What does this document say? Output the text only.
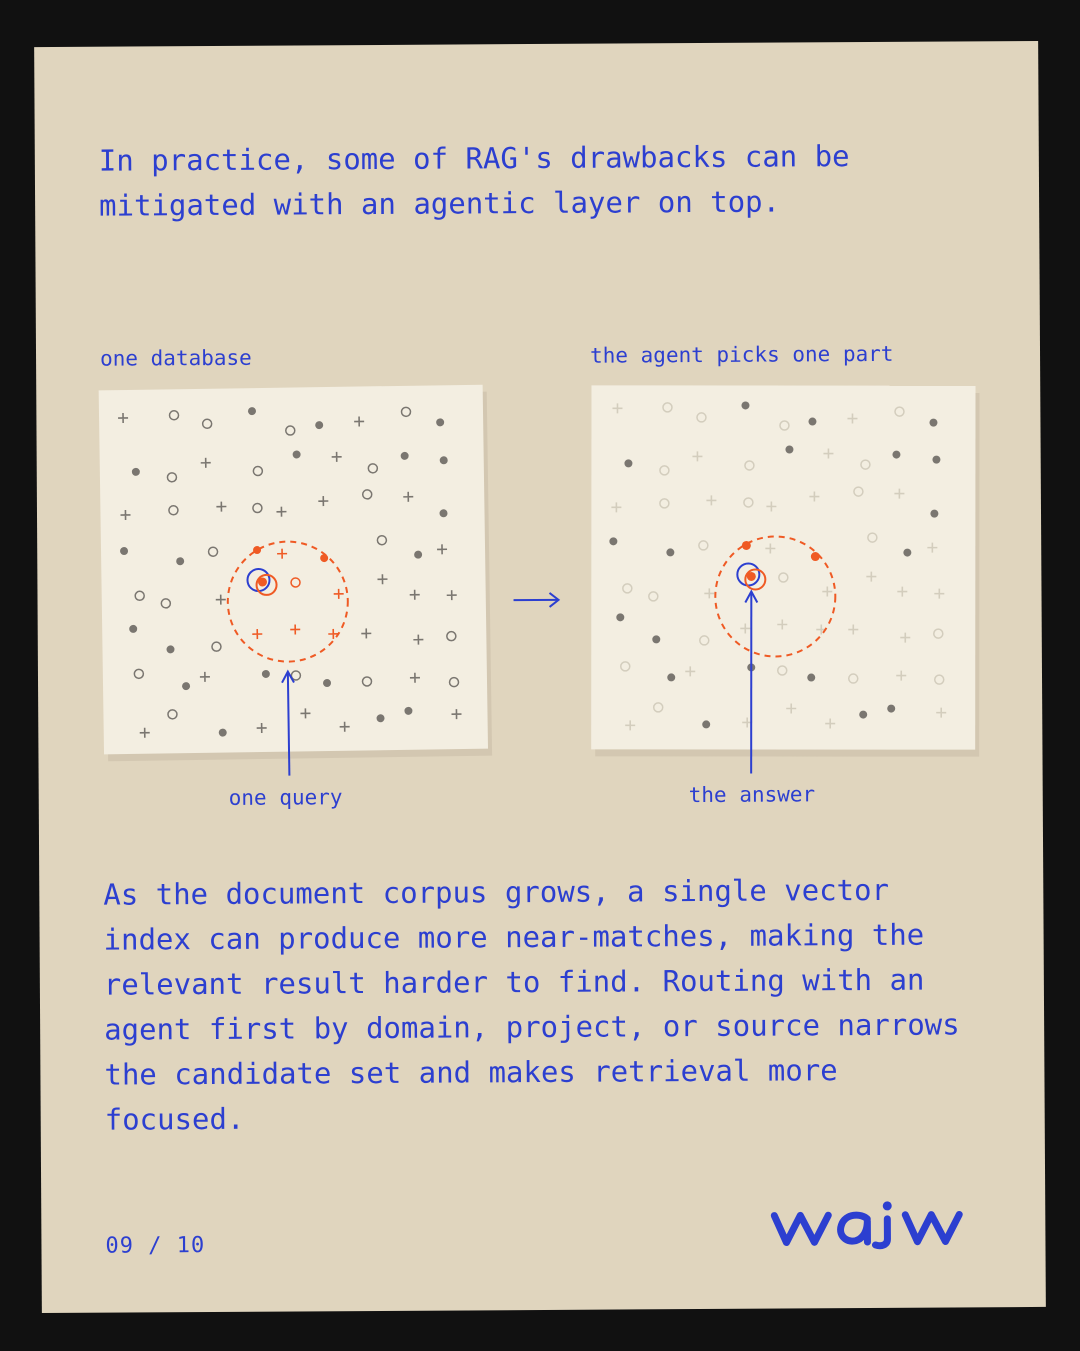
In practice, some of RAG's drawbacks can be mitigated with an agentic layer on top.

one database	the agent picks one part
one query	the answer

As the document corpus grows, a single vector index can produce more near-matches, making the relevant result harder to find. Routing with an agent first by domain, project, or source narrows the candidate set and makes retrieval more focused.

09 / 10
